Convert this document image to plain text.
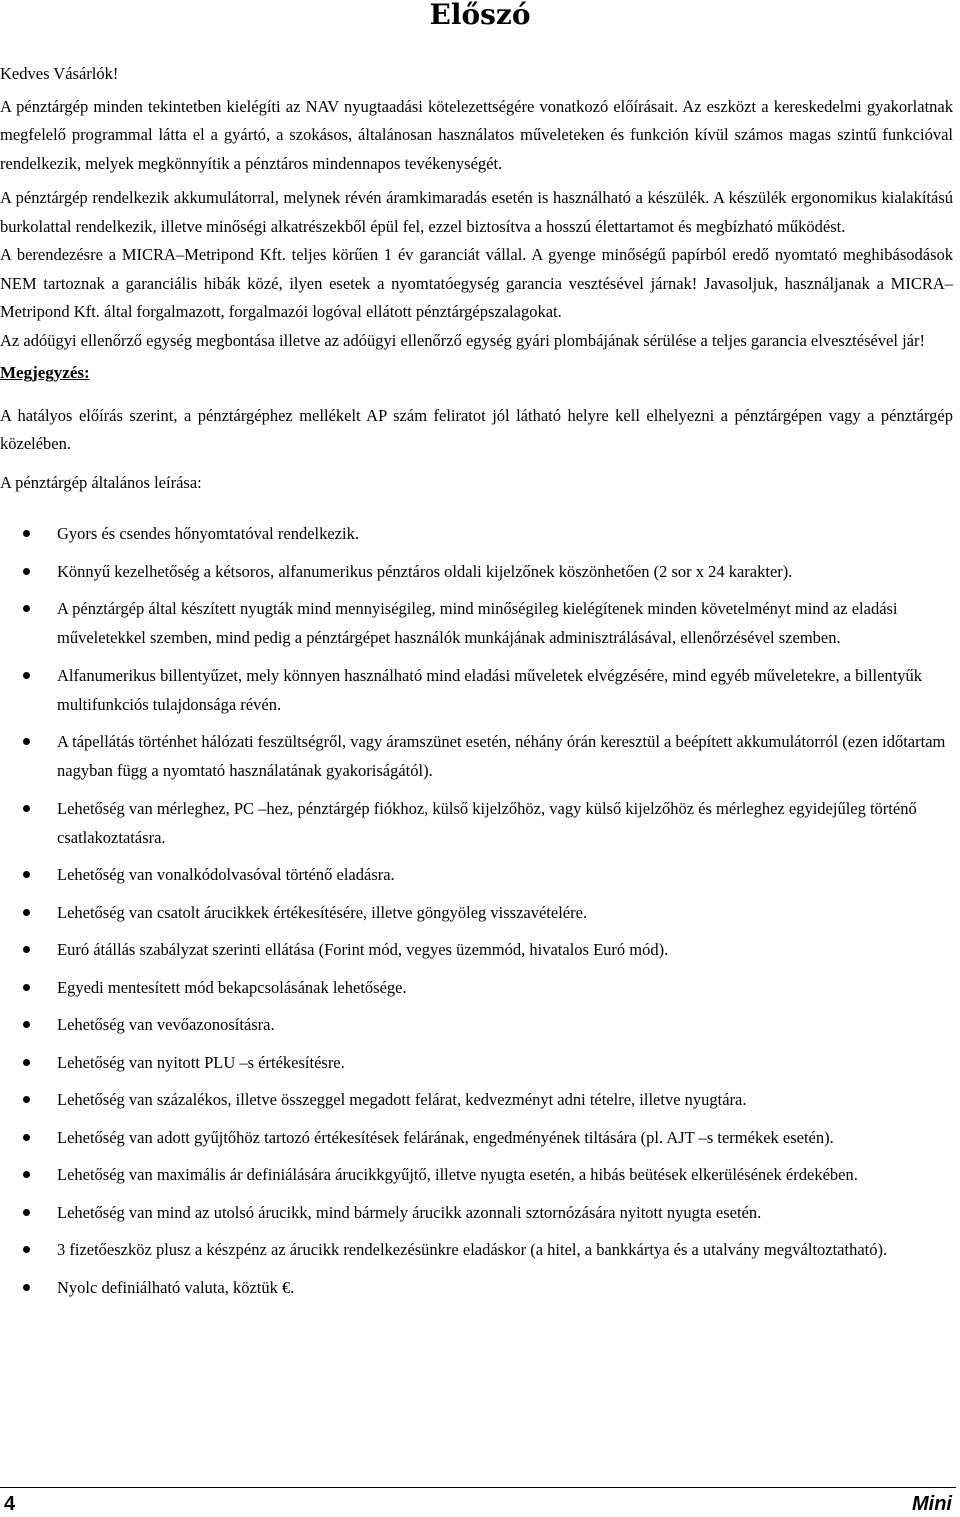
Előszó

Kedves Vásárlók!

A pénztárgép minden tekintetben kielégíti az NAV nyugtaadási kötelezettségére vonatkozó előírásait. Az eszközt a kereskedelmi gyakorlatnak megfelelő programmal látta el a gyártó, a szokásos, általánosan használatos műveleteken és funkción kívül számos magas szintű funkcióval rendelkezik, melyek megkönnyítik a pénztáros mindennapos tevékenységét.

A pénztárgép rendelkezik akkumulátorral, melynek révén áramkimaradás esetén is használható a készülék. A készülék ergonomikus kialakítású burkolattal rendelkezik, illetve minőségi alkatrészekből épül fel, ezzel biztosítva a hosszú élettartamot és megbízható működést.

A berendezésre a MICRA–Metripond Kft. teljes körűen 1 év garanciát vállal. A gyenge minőségű papírból eredő nyomtató meghibásodások NEM tartoznak a garanciális hibák közé, ilyen esetek a nyomtatóegység garancia vesztésével járnak! Javasoljuk, használjanak a MICRA–Metripond Kft. által forgalmazott, forgalmazói logóval ellátott pénztárgépszalagokat.

Az adóügyi ellenőrző egység megbontása illetve az adóügyi ellenőrző egység gyári plombájának sérülése a teljes garancia elvesztésével jár!

Megjegyzés:

A hatályos előírás szerint, a pénztárgéphez mellékelt AP szám feliratot jól látható helyre kell elhelyezni a pénztárgépen vagy a pénztárgép közelében.

A pénztárgép általános leírása:

Gyors és csendes hőnyomtatóval rendelkezik.
Könnyű kezelhetőség a kétsoros, alfanumerikus pénztáros oldali kijelzőnek köszönhetően (2 sor x 24 karakter).
A pénztárgép által készített nyugták mind mennyiségileg, mind minőségileg kielégítenek minden követelményt mind az eladási műveletekkel szemben, mind pedig a pénztárgépet használók munkájának adminisztrálásával, ellenőrzésével szemben.
Alfanumerikus billentyűzet, mely könnyen használható mind eladási műveletek elvégzésére, mind egyéb műveletekre, a billentyűk multifunkciós tulajdonsága révén.
A tápellátás történhet hálózati feszültségről, vagy áramszünet esetén, néhány órán keresztül a beépített akkumulátorról (ezen időtartam nagyban függ a nyomtató használatának gyakoriságától).
Lehetőség van mérleghez, PC –hez, pénztárgép fiókhoz, külső kijelzőhöz, vagy külső kijelzőhöz és mérleghez egyidejűleg történő csatlakoztatásra.
Lehetőség van vonalkódolvasóval történő eladásra.
Lehetőség van csatolt árucikkek értékesítésére, illetve göngyöleg visszavételére.
Euró átállás szabályzat szerinti ellátása (Forint mód, vegyes üzemmód, hivatalos Euró mód).
Egyedi mentesített mód bekapcsolásának lehetősége.
Lehetőség van vevőazonosításra.
Lehetőség van nyitott PLU –s értékesítésre.
Lehetőség van százalékos, illetve összeggel megadott felárat, kedvezményt adni tételre, illetve nyugtára.
Lehetőség van adott gyűjtőhöz tartozó értékesítések felárának, engedményének tiltására (pl. AJT –s termékek esetén).
Lehetőség van maximális ár definiálására árucikkgyűjtő, illetve nyugta esetén, a hibás beütések elkerülésének érdekében.
Lehetőség van mind az utolsó árucikk, mind bármely árucikk azonnali sztornózására nyitott nyugta esetén.
3 fizetőeszköz plusz a készpénz az árucikk rendelkezésünkre eladáskor (a hitel, a bankkártya és a utalvány megváltoztatható).
Nyolc definiálható valuta, köztük €.
4	Mini
